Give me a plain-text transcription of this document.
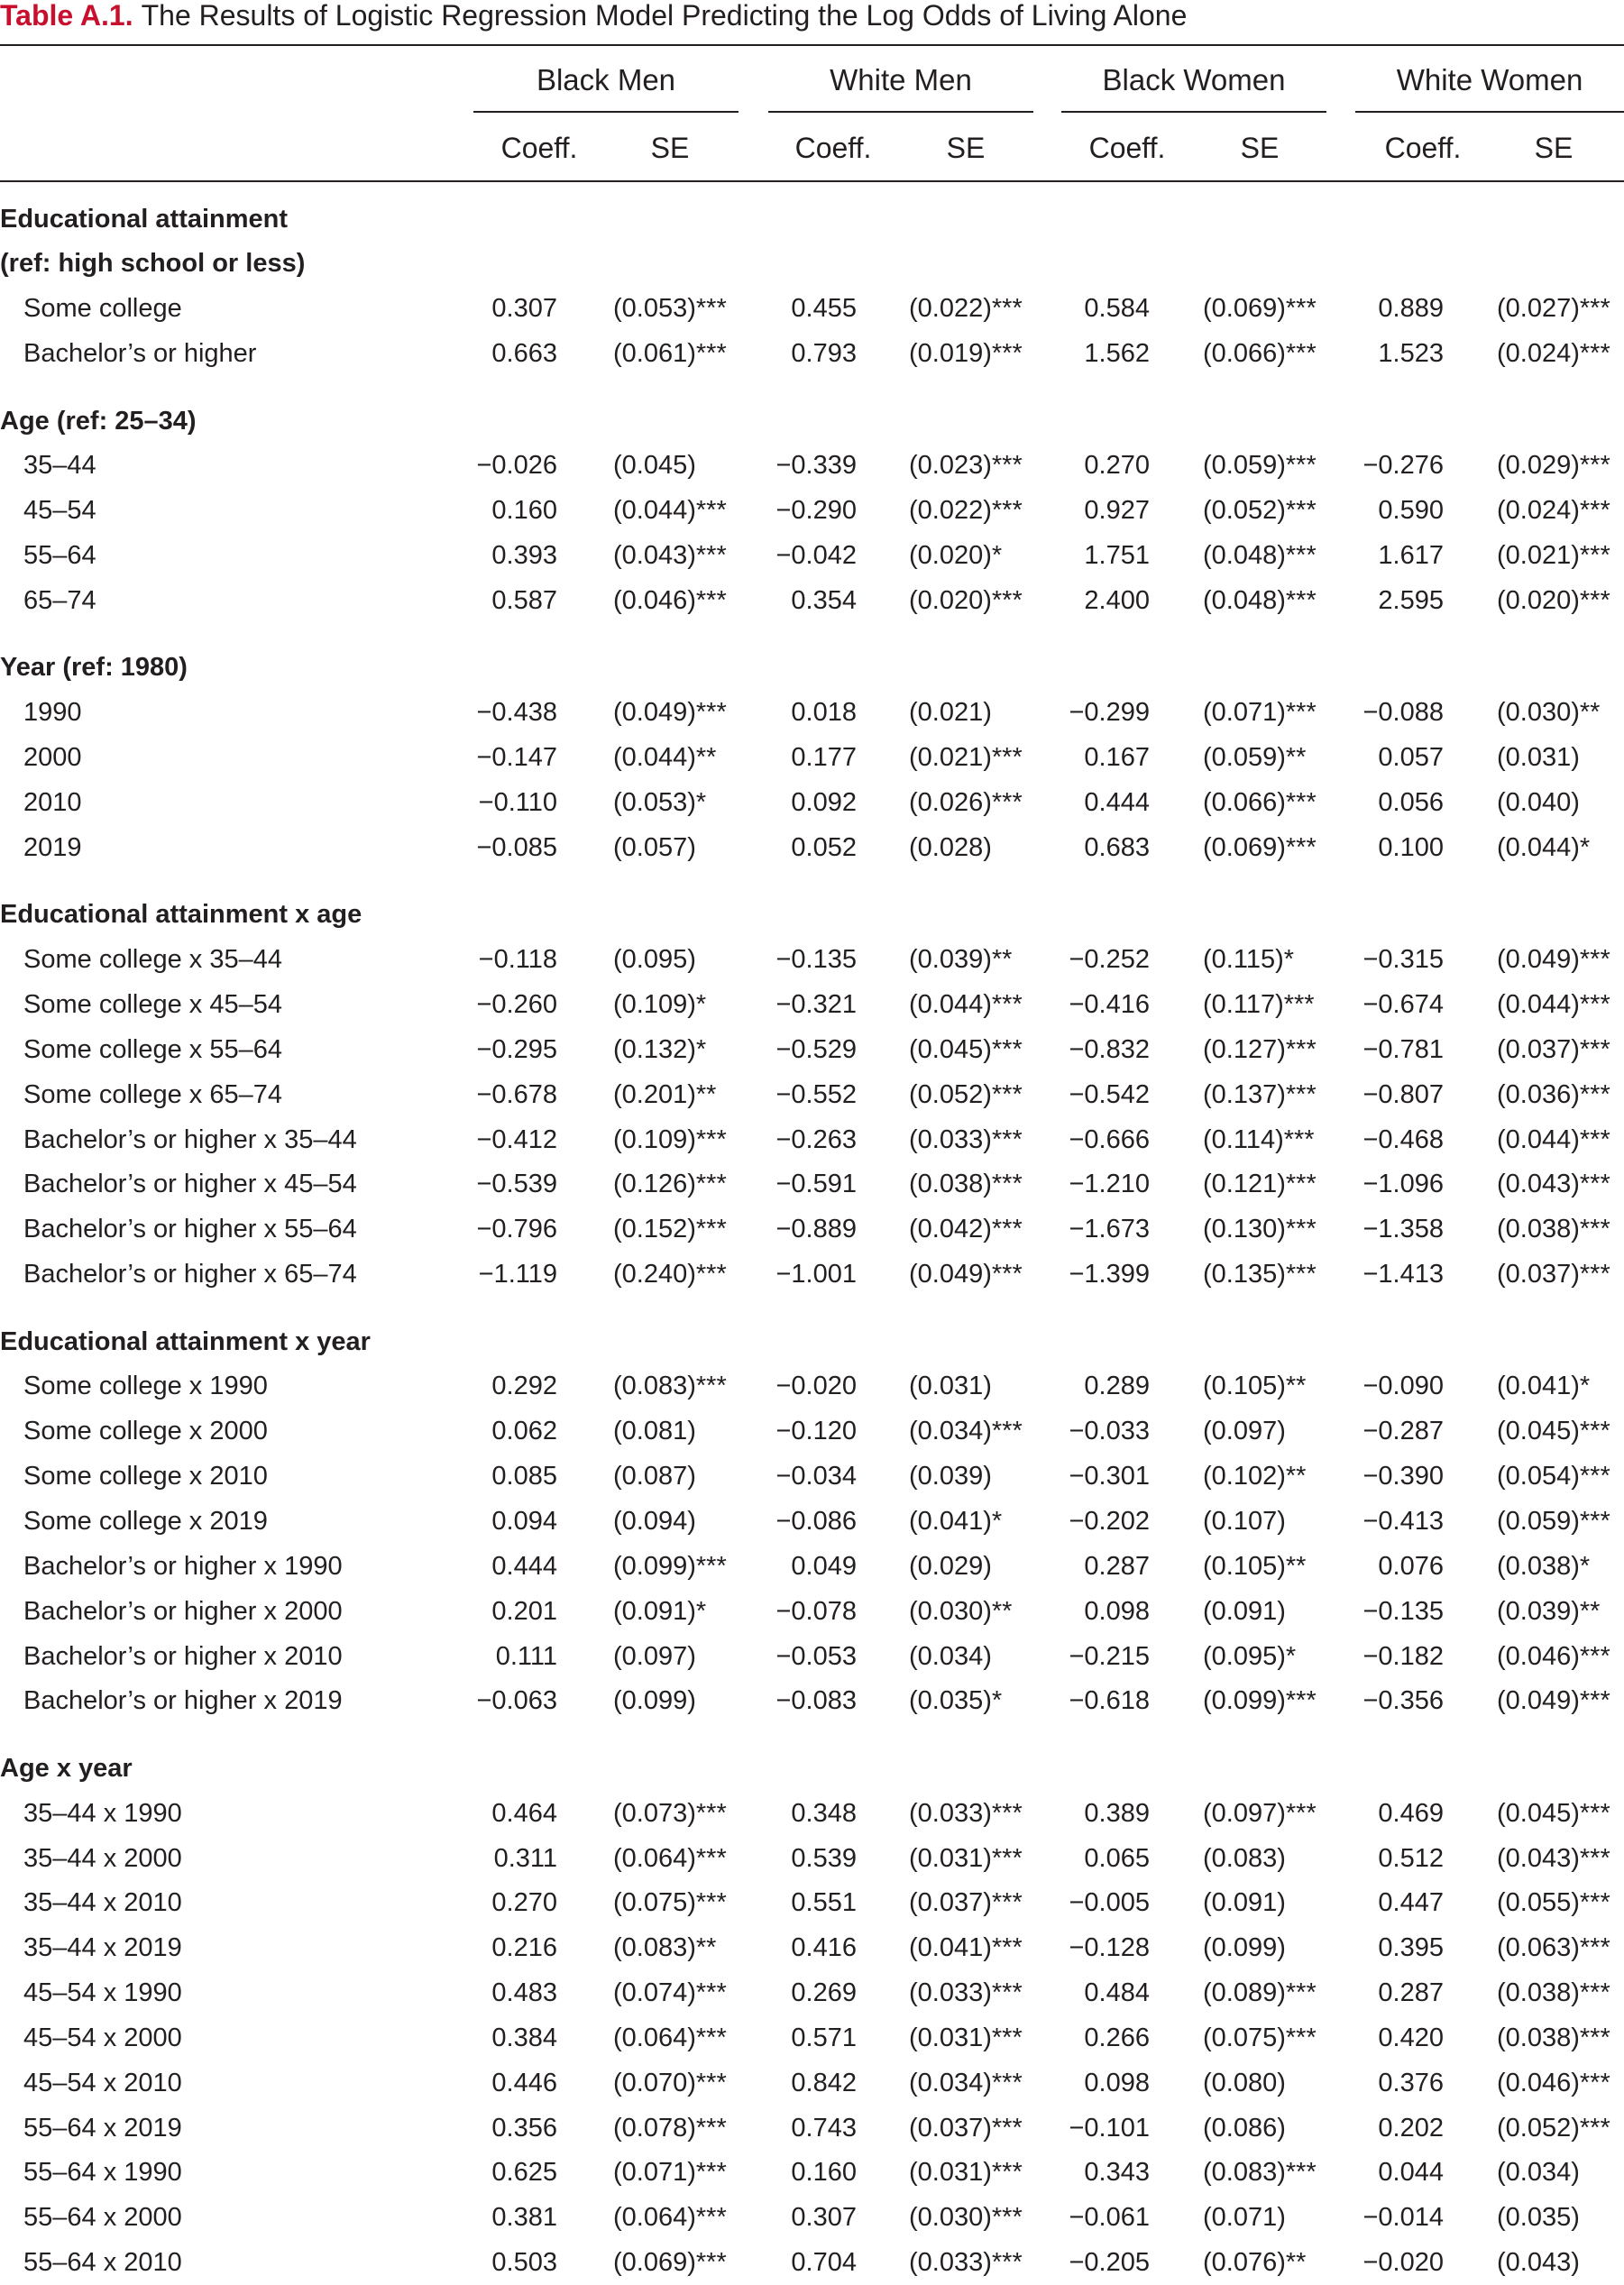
Table A.1. The Results of Logistic Regression Model Predicting the Log Odds of Living Alone
Black Men	White Men	Black Women	White Women
Coeff.	SE	Coeff.	SE	Coeff.	SE	Coeff.	SE
Educational attainment
(ref: high school or less)
Some college	0.307 (0.053)***	0.455 (0.022)***	0.584 (0.069)***	0.889 (0.027)***
Bachelor’s or higher	0.663 (0.061)***	0.793 (0.019)***	1.562 (0.066)***	1.523 (0.024)***
Age (ref: 25–34)
35–44	−0.026 (0.045)	−0.339 (0.023)***	0.270 (0.059)***	−0.276 (0.029)***
45–54	0.160 (0.044)***	−0.290 (0.022)***	0.927 (0.052)***	0.590 (0.024)***
55–64	0.393 (0.043)***	−0.042 (0.020)*	1.751 (0.048)***	1.617 (0.021)***
65–74	0.587 (0.046)***	0.354 (0.020)***	2.400 (0.048)***	2.595 (0.020)***
Year (ref: 1980)
1990	−0.438 (0.049)***	0.018 (0.021)	−0.299 (0.071)***	−0.088 (0.030)**
2000	−0.147 (0.044)**	0.177 (0.021)***	0.167 (0.059)**	0.057 (0.031)
2010	−0.110 (0.053)*	0.092 (0.026)***	0.444 (0.066)***	0.056 (0.040)
2019	−0.085 (0.057)	0.052 (0.028)	0.683 (0.069)***	0.100 (0.044)*
Educational attainment x age
Some college x 35–44	−0.118 (0.095)	−0.135 (0.039)**	−0.252 (0.115)*	−0.315 (0.049)***
Some college x 45–54	−0.260 (0.109)*	−0.321 (0.044)***	−0.416 (0.117)***	−0.674 (0.044)***
Some college x 55–64	−0.295 (0.132)*	−0.529 (0.045)***	−0.832 (0.127)***	−0.781 (0.037)***
Some college x 65–74	−0.678 (0.201)**	−0.552 (0.052)***	−0.542 (0.137)***	−0.807 (0.036)***
Bachelor’s or higher x 35–44	−0.412 (0.109)***	−0.263 (0.033)***	−0.666 (0.114)***	−0.468 (0.044)***
Bachelor’s or higher x 45–54	−0.539 (0.126)***	−0.591 (0.038)***	−1.210 (0.121)***	−1.096 (0.043)***
Bachelor’s or higher x 55–64	−0.796 (0.152)***	−0.889 (0.042)***	−1.673 (0.130)***	−1.358 (0.038)***
Bachelor’s or higher x 65–74	−1.119 (0.240)***	−1.001 (0.049)***	−1.399 (0.135)***	−1.413 (0.037)***
Educational attainment x year
Some college x 1990	0.292 (0.083)***	−0.020 (0.031)	0.289 (0.105)**	−0.090 (0.041)*
Some college x 2000	0.062 (0.081)	−0.120 (0.034)***	−0.033 (0.097)	−0.287 (0.045)***
Some college x 2010	0.085 (0.087)	−0.034 (0.039)	−0.301 (0.102)**	−0.390 (0.054)***
Some college x 2019	0.094 (0.094)	−0.086 (0.041)*	−0.202 (0.107)	−0.413 (0.059)***
Bachelor’s or higher x 1990	0.444 (0.099)***	0.049 (0.029)	0.287 (0.105)**	0.076 (0.038)*
Bachelor’s or higher x 2000	0.201 (0.091)*	−0.078 (0.030)**	0.098 (0.091)	−0.135 (0.039)**
Bachelor’s or higher x 2010	0.111 (0.097)	−0.053 (0.034)	−0.215 (0.095)*	−0.182 (0.046)***
Bachelor’s or higher x 2019	−0.063 (0.099)	−0.083 (0.035)*	−0.618 (0.099)***	−0.356 (0.049)***
Age x year
35–44 x 1990	0.464 (0.073)***	0.348 (0.033)***	0.389 (0.097)***	0.469 (0.045)***
35–44 x 2000	0.311 (0.064)***	0.539 (0.031)***	0.065 (0.083)	0.512 (0.043)***
35–44 x 2010	0.270 (0.075)***	0.551 (0.037)***	−0.005 (0.091)	0.447 (0.055)***
35–44 x 2019	0.216 (0.083)**	0.416 (0.041)***	−0.128 (0.099)	0.395 (0.063)***
45–54 x 1990	0.483 (0.074)***	0.269 (0.033)***	0.484 (0.089)***	0.287 (0.038)***
45–54 x 2000	0.384 (0.064)***	0.571 (0.031)***	0.266 (0.075)***	0.420 (0.038)***
45–54 x 2010	0.446 (0.070)***	0.842 (0.034)***	0.098 (0.080)	0.376 (0.046)***
55–64 x 2019	0.356 (0.078)***	0.743 (0.037)***	−0.101 (0.086)	0.202 (0.052)***
55–64 x 1990	0.625 (0.071)***	0.160 (0.031)***	0.343 (0.083)***	0.044 (0.034)
55–64 x 2000	0.381 (0.064)***	0.307 (0.030)***	−0.061 (0.071)	−0.014 (0.035)
55–64 x 2010	0.503 (0.069)***	0.704 (0.033)***	−0.205 (0.076)**	−0.020 (0.043)
